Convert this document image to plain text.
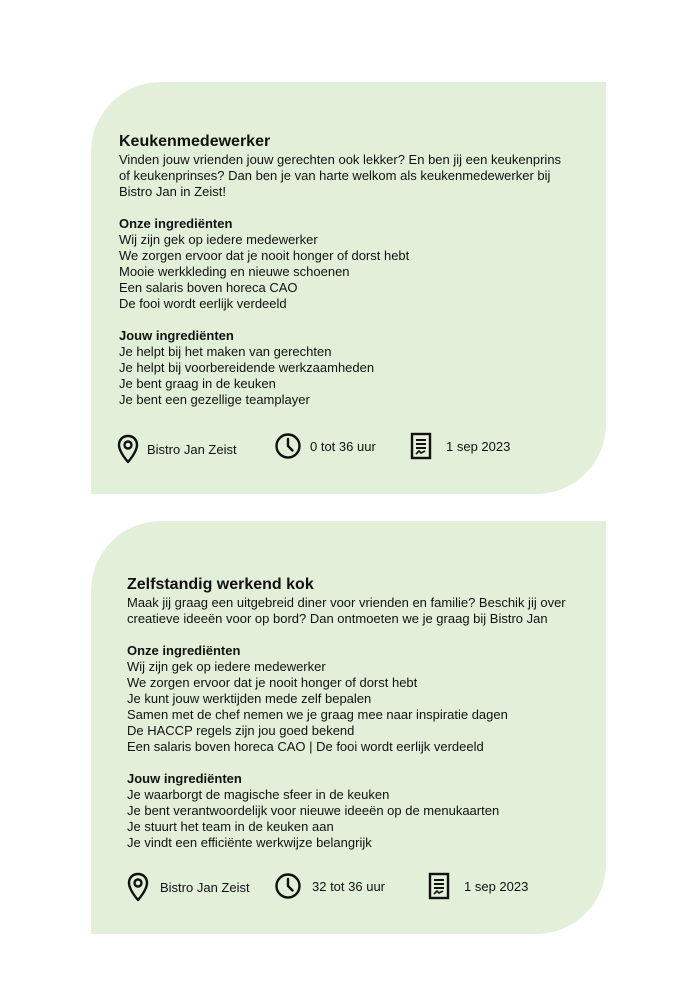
Keukenmedewerker

Vinden jouw vrienden jouw gerechten ook lekker? En ben jij een keukenprins
of keukenprinses? Dan ben je van harte welkom als keukenmedewerker bij
Bistro Jan in Zeist!

Onze ingrediënten
Wij zijn gek op iedere medewerker
We zorgen ervoor dat je nooit honger of dorst hebt
Mooie werkkleding en nieuwe schoenen
Een salaris boven horeca CAO
De fooi wordt eerlijk verdeeld
Jouw ingrediënten
Je helpt bij het maken van gerechten
Je helpt bij voorbereidende werkzaamheden
Je bent graag in de keuken
Je bent een gezellige teamplayer
Bistro Jan Zeist	0 tot 36 uur	1 sep 2023
Zelfstandig werkend kok

Maak jij graag een uitgebreid diner voor vrienden en familie? Beschik jij over
creatieve ideeën voor op bord? Dan ontmoeten we je graag bij Bistro Jan

Onze ingrediënten
Wij zijn gek op iedere medewerker
We zorgen ervoor dat je nooit honger of dorst hebt
Je kunt jouw werktijden mede zelf bepalen
Samen met de chef nemen we je graag mee naar inspiratie dagen
De HACCP regels zijn jou goed bekend
Een salaris boven horeca CAO | De fooi wordt eerlijk verdeeld
Jouw ingrediënten
Je waarborgt de magische sfeer in de keuken
Je bent verantwoordelijk voor nieuwe ideeën op de menukaarten
Je stuurt het team in de keuken aan
Je vindt een efficiënte werkwijze belangrijk
Bistro Jan Zeist	32 tot 36 uur	1 sep 2023
